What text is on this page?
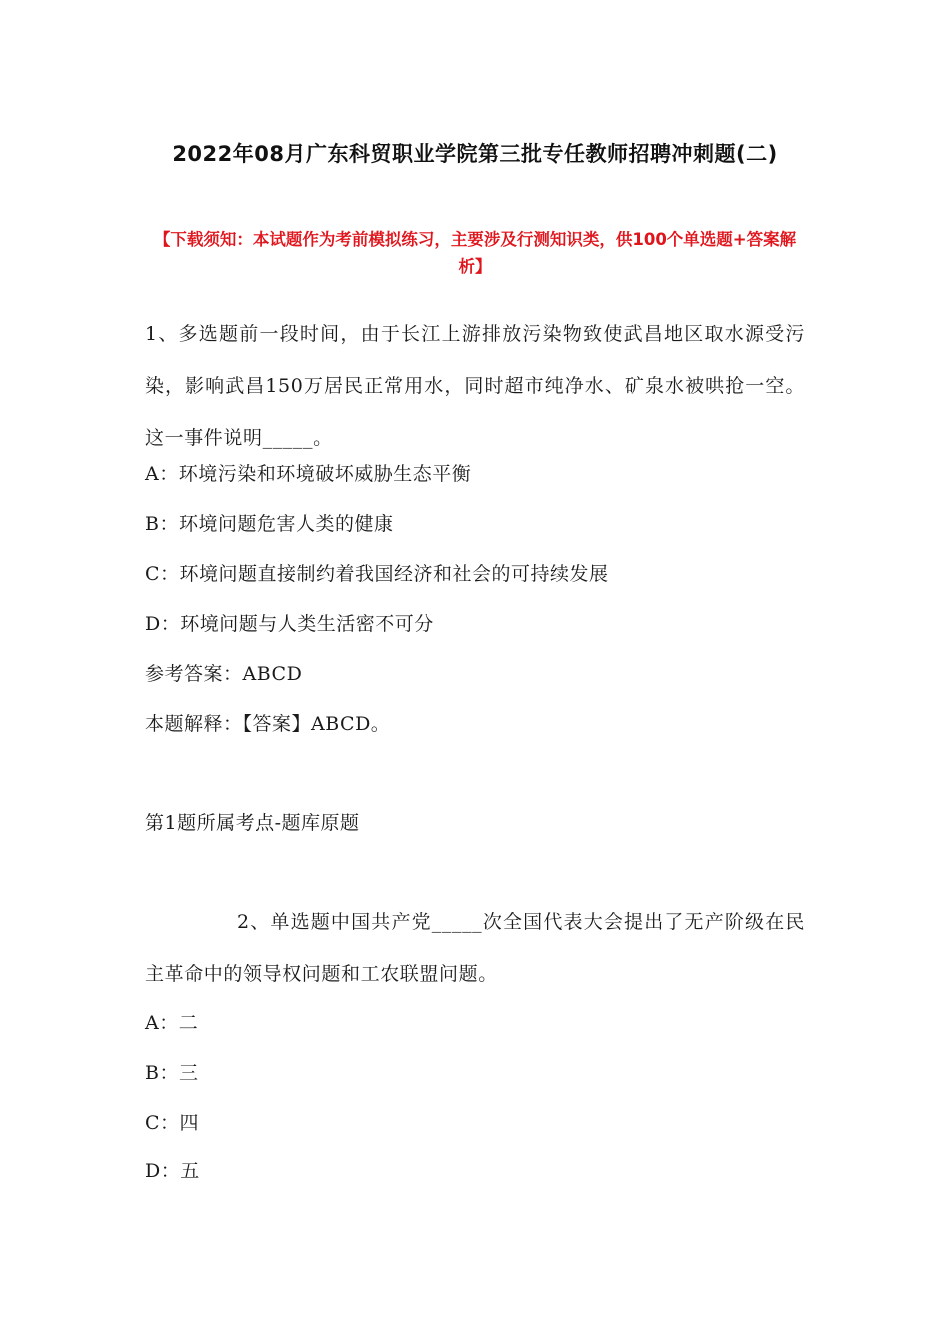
2022年08月广东科贸职业学院第三批专任教师招聘冲刺题(二)
【下载须知：本试题作为考前模拟练习，主要涉及行测知识类，供100个单选题+答案解析】
1、多选题前一段时间，由于长江上游排放污染物致使武昌地区取水源受污染，影响武昌150万居民正常用水，同时超市纯净水、矿泉水被哄抢一空。这一事件说明_____。
A：环境污染和环境破坏威胁生态平衡
B：环境问题危害人类的健康
C：环境问题直接制约着我国经济和社会的可持续发展
D：环境问题与人类生活密不可分
参考答案：ABCD
本题解释：【答案】ABCD。
第1题所属考点-题库原题
2、单选题中国共产党_____次全国代表大会提出了无产阶级在民主革命中的领导权问题和工农联盟问题。
A：二
B：三
C：四
D：五
